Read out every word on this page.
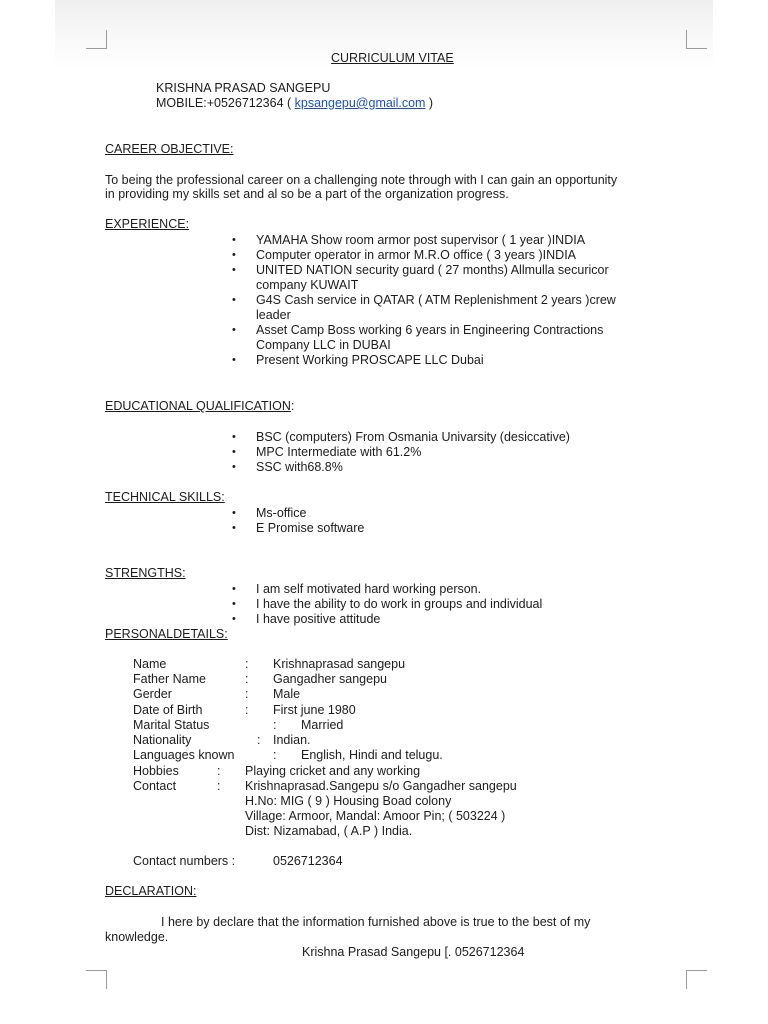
CURRICULUM VITAE
KRISHNA PRASAD SANGEPU
MOBILE:+0526712364 ( kpsangepu@gmail.com )
CAREER OBJECTIVE:
To being the professional career on a challenging note through with I can gain an opportunity
in providing my skills set and al so be a part of the organization progress.
EXPERIENCE:
• YAMAHA Show room armor post supervisor ( 1 year )INDIA
• Computer operator in armor M.R.O office ( 3 years )INDIA
• UNITED NATION security guard ( 27 months) Allmulla securicor
company KUWAIT
• G4S Cash service in QATAR ( ATM Replenishment 2 years )crew
leader
• Asset Camp Boss working 6 years in Engineering Contractions
Company LLC in DUBAI
• Present Working PROSCAPE LLC Dubai
EDUCATIONAL QUALIFICATION:
• BSC (computers) From Osmania Univarsity (desiccative)
• MPC Intermediate with 61.2%
• SSC with68.8%
TECHNICAL SKILLS:
• Ms-office
• E Promise software
STRENGTHS:
• I am self motivated hard working person.
• I have the ability to do work in groups and individual
• I have positive attitude
PERSONALDETAILS:
Name	: Krishnaprasad sangepu
Father Name	: Gangadher sangepu
Gerder	: Male
Date of Birth	: First june 1980
Marital Status	: Married
Nationality	: Indian.
Languages known	: English, Hindi and telugu.
Hobbies	: Playing cricket and any working
Contact	: Krishnaprasad.Sangepu s/o Gangadher sangepu
H.No: MIG ( 9 ) Housing Boad colony
Village: Armoor, Mandal: Amoor Pin; ( 503224 )
Dist: Nizamabad, ( A.P ) India.
Contact numbers :	0526712364
DECLARATION:
I here by declare that the information furnished above is true to the best of my
knowledge.
Krishna Prasad Sangepu [. 0526712364
